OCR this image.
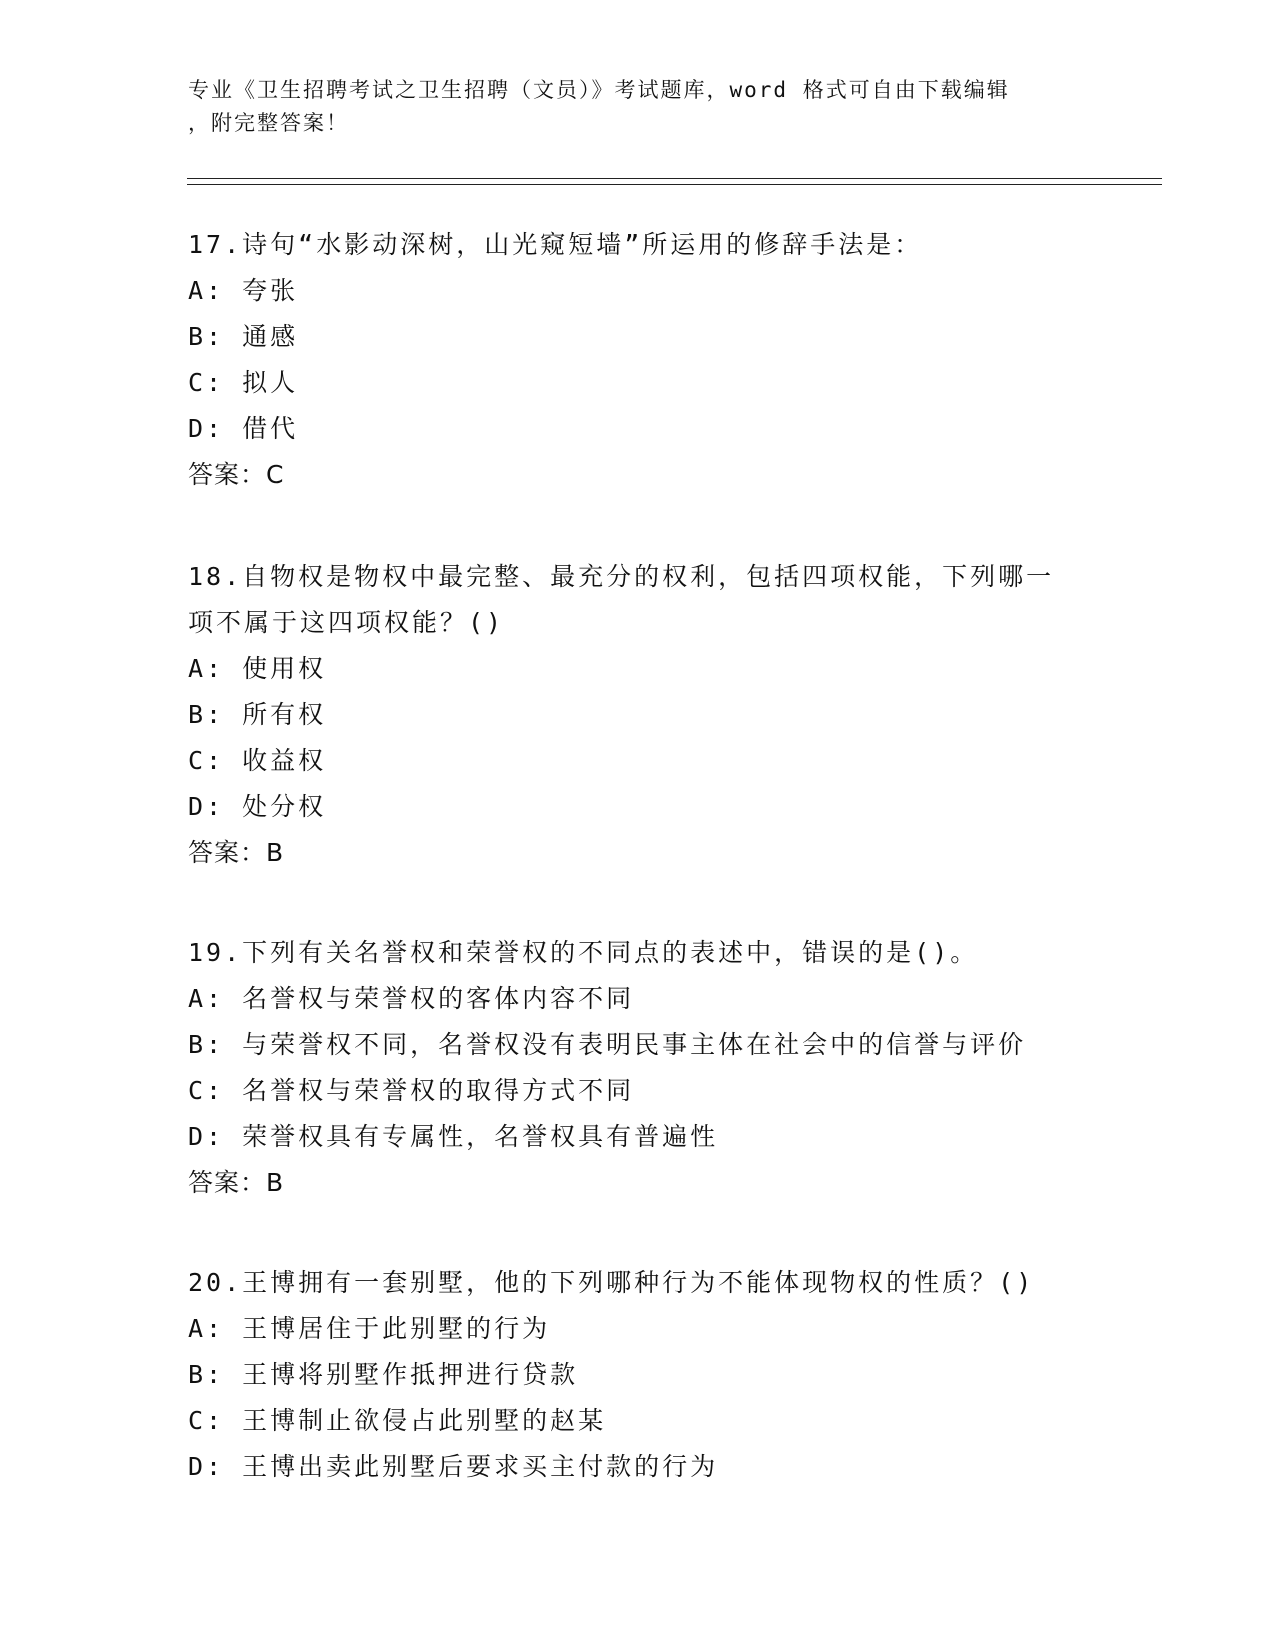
专业《卫生招聘考试之卫生招聘（文员）》考试题库，word 格式可自由下载编辑
，附完整答案！
17.诗句“水影动深树，山光窥短墙”所运用的修辞手法是：
A: 夸张
B: 通感
C: 拟人
D: 借代
答案：C
18.自物权是物权中最完整、最充分的权利，包括四项权能，下列哪一
项不属于这四项权能？()
A: 使用权
B: 所有权
C: 收益权
D: 处分权
答案：B
19.下列有关名誉权和荣誉权的不同点的表述中，错误的是()。
A: 名誉权与荣誉权的客体内容不同
B: 与荣誉权不同，名誉权没有表明民事主体在社会中的信誉与评价
C: 名誉权与荣誉权的取得方式不同
D: 荣誉权具有专属性，名誉权具有普遍性
答案：B
20.王博拥有一套别墅，他的下列哪种行为不能体现物权的性质？()
A: 王博居住于此别墅的行为
B: 王博将别墅作抵押进行贷款
C: 王博制止欲侵占此别墅的赵某
D: 王博出卖此别墅后要求买主付款的行为
